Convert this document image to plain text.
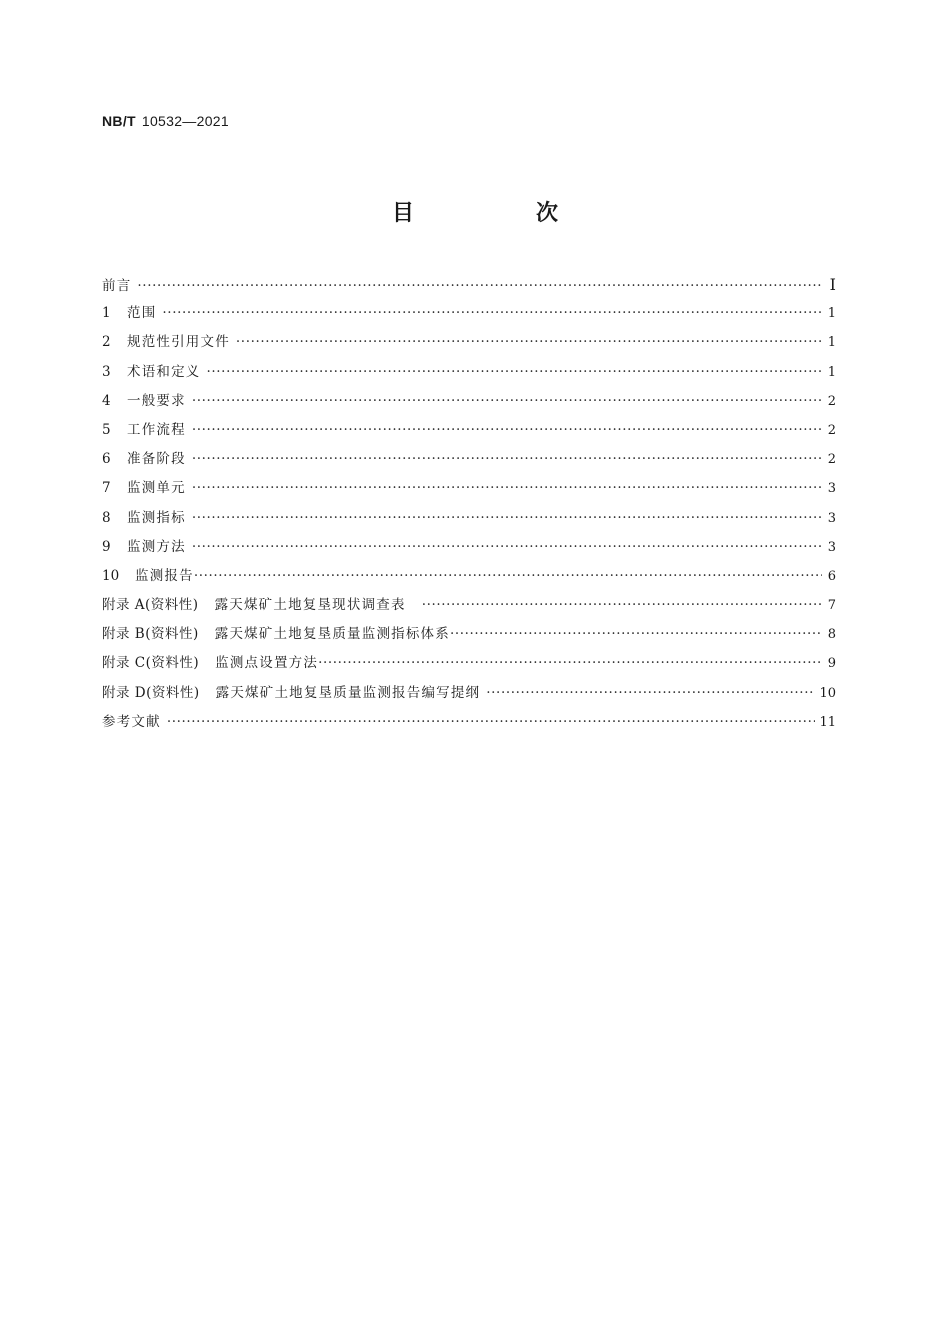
NB/T 10532—2021
目　次
前言 ·····	Ⅰ
1	范围 ·····	1
2	规范性引用文件 ·····	1
3	术语和定义 ·····	1
4	一般要求 ·····	2
5	工作流程 ·····	2
6	准备阶段 ·····	2
7	监测单元 ·····	3
8	监测指标 ·····	3
9	监测方法 ·····	3
10	监测报告 ·····	6
附录 A(资料性) 露天煤矿土地复垦现状调查表 ·····	7
附录 B(资料性) 露天煤矿土地复垦质量监测指标体系 ·····	8
附录 C(资料性) 监测点设置方法 ·····	9
附录 D(资料性) 露天煤矿土地复垦质量监测报告编写提纲 ·····	10
参考文献 ·····	11
